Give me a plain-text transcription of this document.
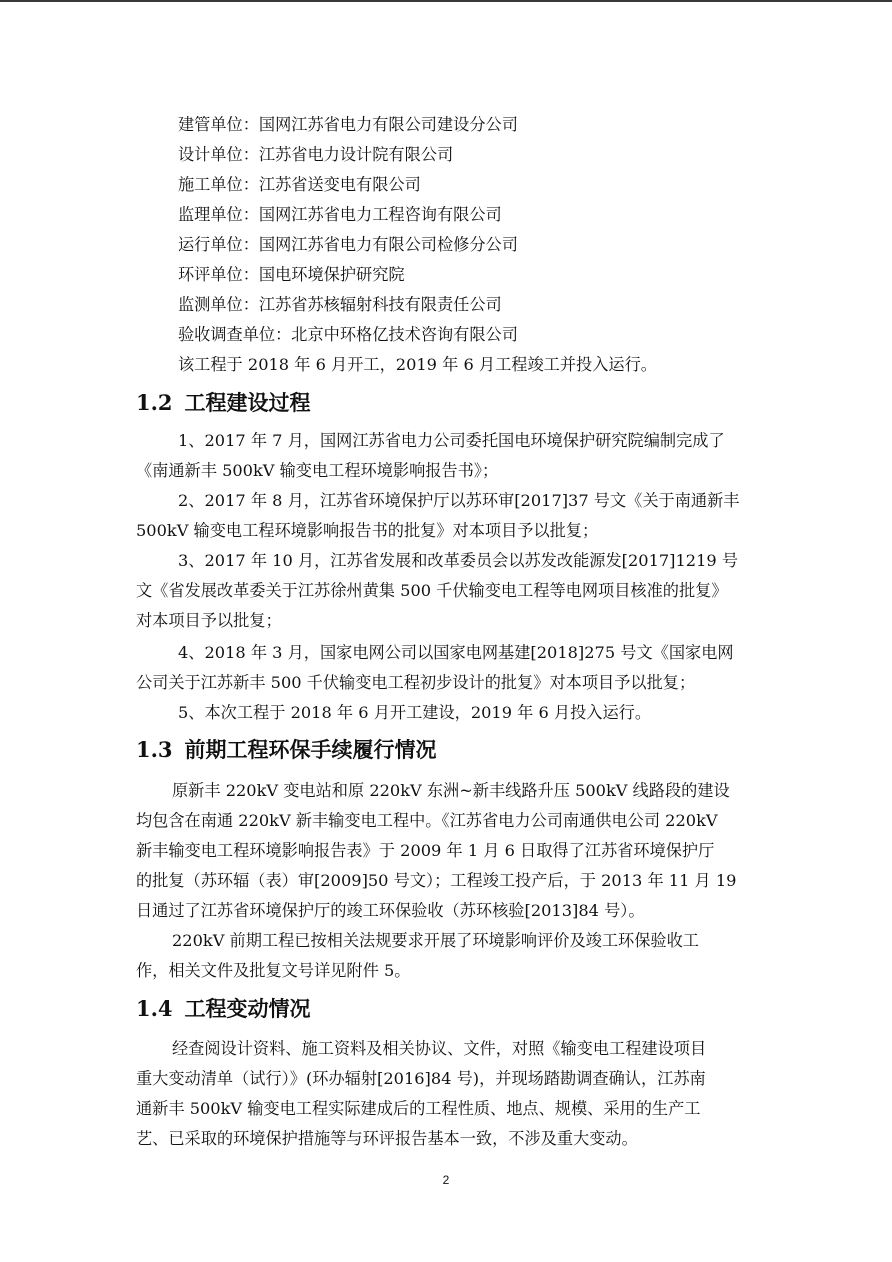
建管单位：国网江苏省电力有限公司建设分公司
设计单位：江苏省电力设计院有限公司
施工单位：江苏省送变电有限公司
监理单位：国网江苏省电力工程咨询有限公司
运行单位：国网江苏省电力有限公司检修分公司
环评单位：国电环境保护研究院
监测单位：江苏省苏核辐射科技有限责任公司
验收调查单位：北京中环格亿技术咨询有限公司
该工程于 2018 年 6 月开工，2019 年 6 月工程竣工并投入运行。
1.2 工程建设过程
1、2017 年 7 月，国网江苏省电力公司委托国电环境保护研究院编制完成了
《南通新丰 500kV 输变电工程环境影响报告书》；
2、2017 年 8 月，江苏省环境保护厅以苏环审[2017]37 号文《关于南通新丰
500kV 输变电工程环境影响报告书的批复》对本项目予以批复；
3、2017 年 10 月，江苏省发展和改革委员会以苏发改能源发[2017]1219 号
文《省发展改革委关于江苏徐州黄集 500 千伏输变电工程等电网项目核准的批复》
对本项目予以批复；
4、2018 年 3 月，国家电网公司以国家电网基建[2018]275 号文《国家电网
公司关于江苏新丰 500 千伏输变电工程初步设计的批复》对本项目予以批复；
5、本次工程于 2018 年 6 月开工建设，2019 年 6 月投入运行。
1.3 前期工程环保手续履行情况
原新丰 220kV 变电站和原 220kV 东洲~新丰线路升压 500kV 线路段的建设
均包含在南通 220kV 新丰输变电工程中。《江苏省电力公司南通供电公司 220kV
新丰输变电工程环境影响报告表》于 2009 年 1 月 6 日取得了江苏省环境保护厅
的批复（苏环辐（表）审[2009]50 号文）；工程竣工投产后，于 2013 年 11 月 19
日通过了江苏省环境保护厅的竣工环保验收（苏环核验[2013]84 号）。
220kV 前期工程已按相关法规要求开展了环境影响评价及竣工环保验收工
作，相关文件及批复文号详见附件 5。
1.4 工程变动情况
经查阅设计资料、施工资料及相关协议、文件，对照《输变电工程建设项目
重大变动清单（试行）》(环办辐射[2016]84 号)，并现场踏勘调查确认，江苏南
通新丰 500kV 输变电工程实际建成后的工程性质、地点、规模、采用的生产工
艺、已采取的环境保护措施等与环评报告基本一致，不涉及重大变动。
2
